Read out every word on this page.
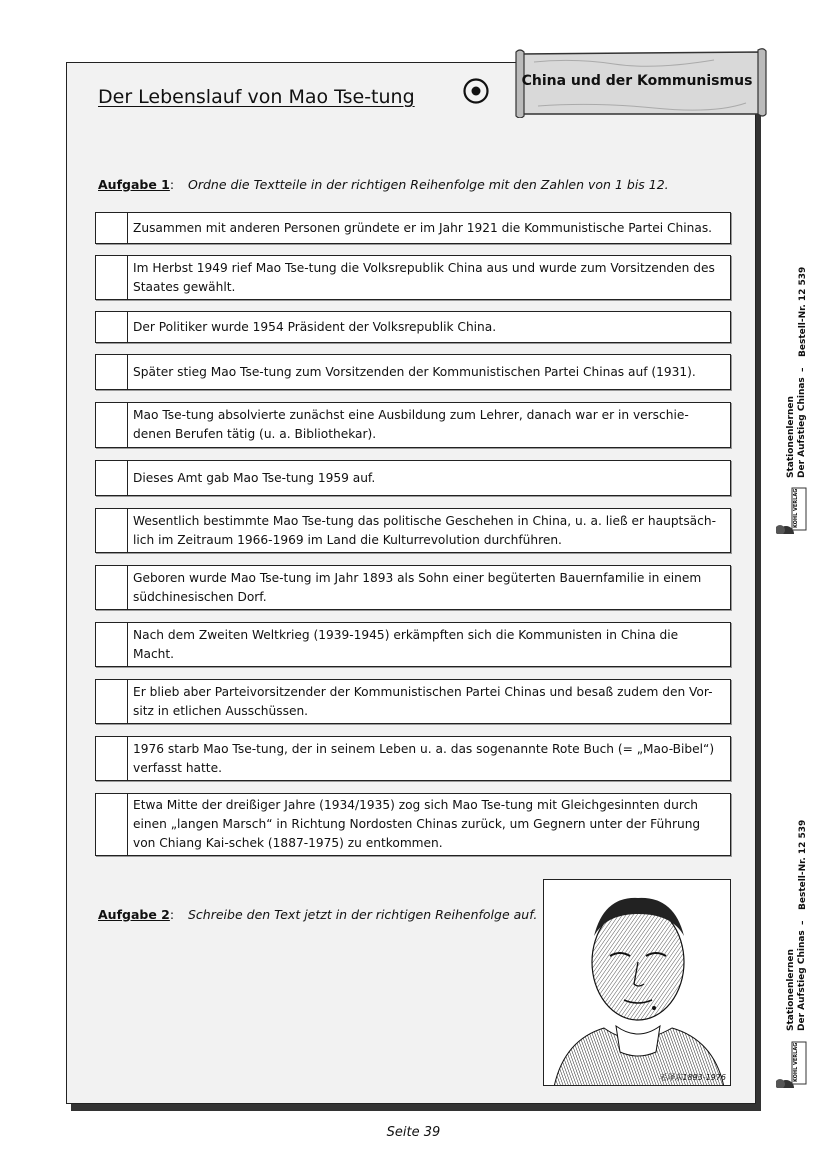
Der Lebenslauf von Mao Tse-tung
China und der Kommunismus
Aufgabe 1: Ordne die Textteile in der richtigen Reihenfolge mit den Zahlen von 1 bis 12.
Zusammen mit anderen Personen gründete er im Jahr 1921 die Kommunistische Partei Chinas.
Im Herbst 1949 rief Mao Tse-tung die Volksrepublik China aus und wurde zum Vorsitzenden des
Staates gewählt.
Der Politiker wurde 1954 Präsident der Volksrepublik China.
Später stieg Mao Tse-tung zum Vorsitzenden der Kommunistischen Partei Chinas auf (1931).
Mao Tse-tung absolvierte zunächst eine Ausbildung zum Lehrer, danach war er in verschie-
denen Berufen tätig (u. a. Bibliothekar).
Dieses Amt gab Mao Tse-tung 1959 auf.
Wesentlich bestimmte Mao Tse-tung das politische Geschehen in China, u. a. ließ er hauptsäch-
lich im Zeitraum 1966-1969 im Land die Kulturrevolution durchführen.
Geboren wurde Mao Tse-tung im Jahr 1893 als Sohn einer begüterten Bauernfamilie in einem
südchinesischen Dorf.
Nach dem Zweiten Weltkrieg (1939-1945) erkämpften sich die Kommunisten in China die
Macht.
Er blieb aber Parteivorsitzender der Kommunistischen Partei Chinas und besaß zudem den Vor-
sitz in etlichen Ausschüssen.
1976 starb Mao Tse-tung, der in seinem Leben u. a. das sogenannte Rote Buch (= „Mao-Bibel“)
verfasst hatte.
Etwa Mitte der dreißiger Jahre (1934/1935) zog sich Mao Tse-tung mit Gleichgesinnten durch
einen „langen Marsch“ in Richtung Nordosten Chinas zurück, um Gegnern unter der Führung
von Chiang Kai-schek (1887-1975) zu entkommen.
Aufgabe 2: Schreibe den Text jetzt in der richtigen Reihenfolge auf.
毛泽东1893-1976
Seite 39
Stationenlernen Der Aufstieg Chinas
–
Bestell-Nr. 12 539
KOHL VERLAG
Stationenlernen Der Aufstieg Chinas
–
Bestell-Nr. 12 539
KOHL VERLAG
